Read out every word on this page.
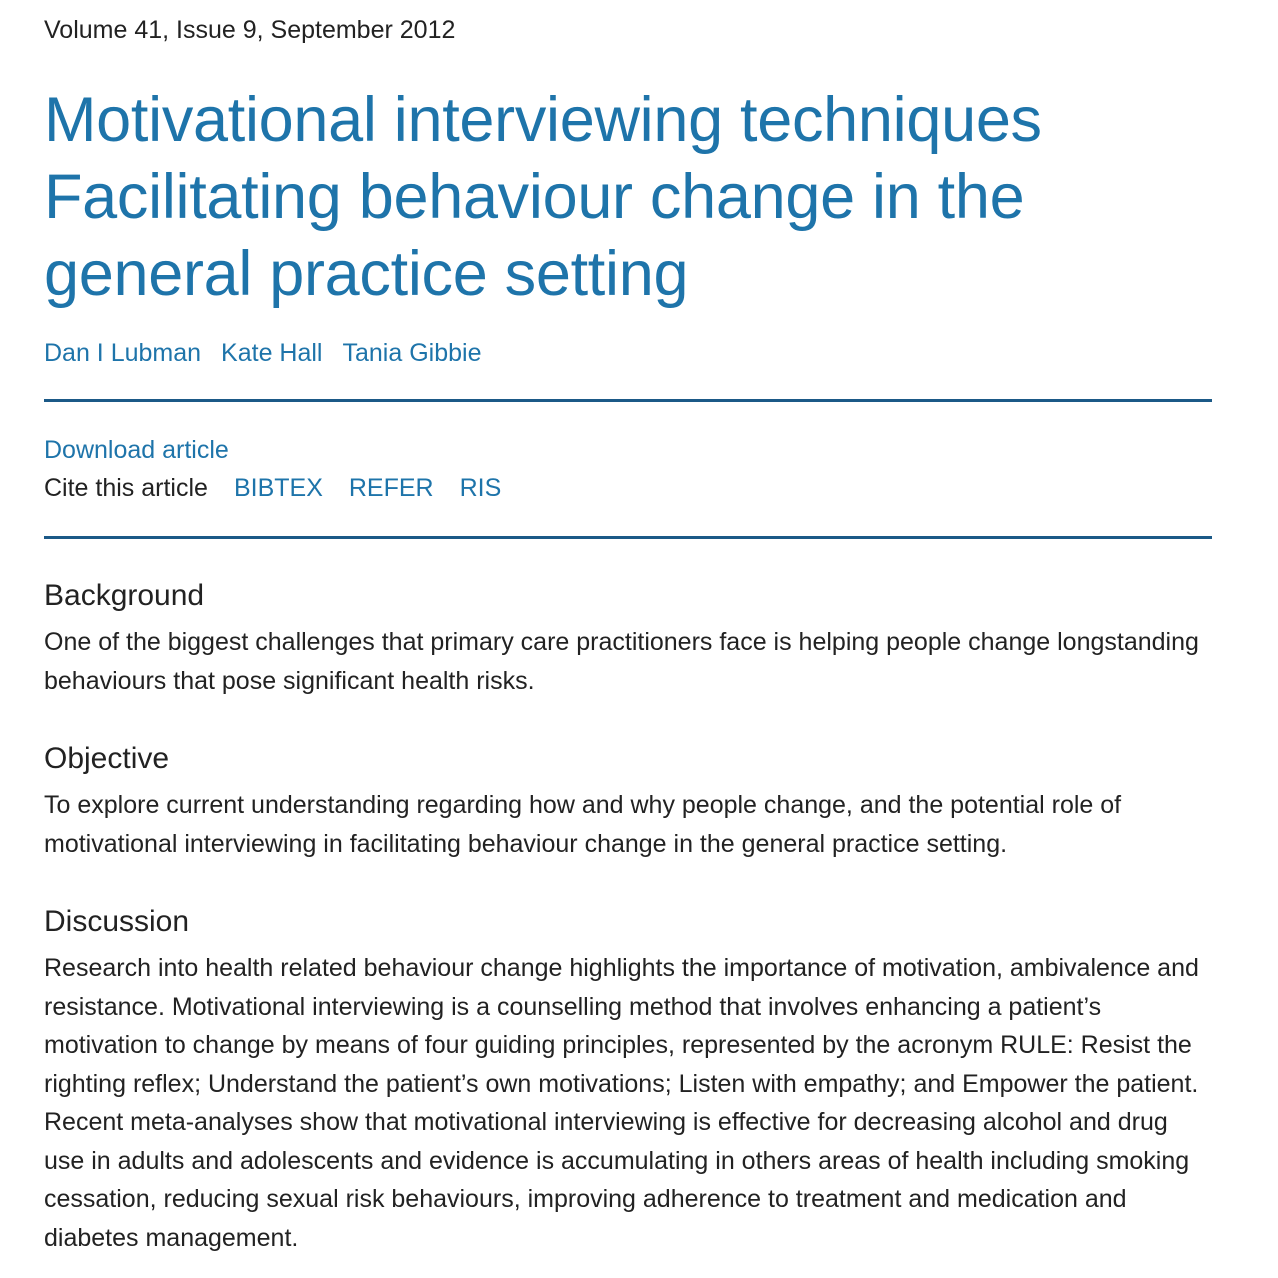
Volume 41, Issue 9, September 2012
Motivational interviewing techniques
Facilitating behaviour change in the
general practice setting
Dan I Lubman Kate Hall Tania Gibbie
Download article
Cite this article BIBTEX REFER RIS
Background

One of the biggest challenges that primary care practitioners face is helping people change longstanding behaviours that pose significant health risks.

Objective

To explore current understanding regarding how and why people change, and the potential role of motivational interviewing in facilitating behaviour change in the general practice setting.

Discussion

Research into health related behaviour change highlights the importance of motivation, ambivalence and resistance. Motivational interviewing is a counselling method that involves enhancing a patient’s motivation to change by means of four guiding principles, represented by the acronym RULE: Resist the righting reflex; Understand the patient’s own motivations; Listen with empathy; and Empower the patient. Recent meta-analyses show that motivational interviewing is effective for decreasing alcohol and drug use in adults and adolescents and evidence is accumulating in others areas of health including smoking cessation, reducing sexual risk behaviours, improving adherence to treatment and medication and diabetes management.
